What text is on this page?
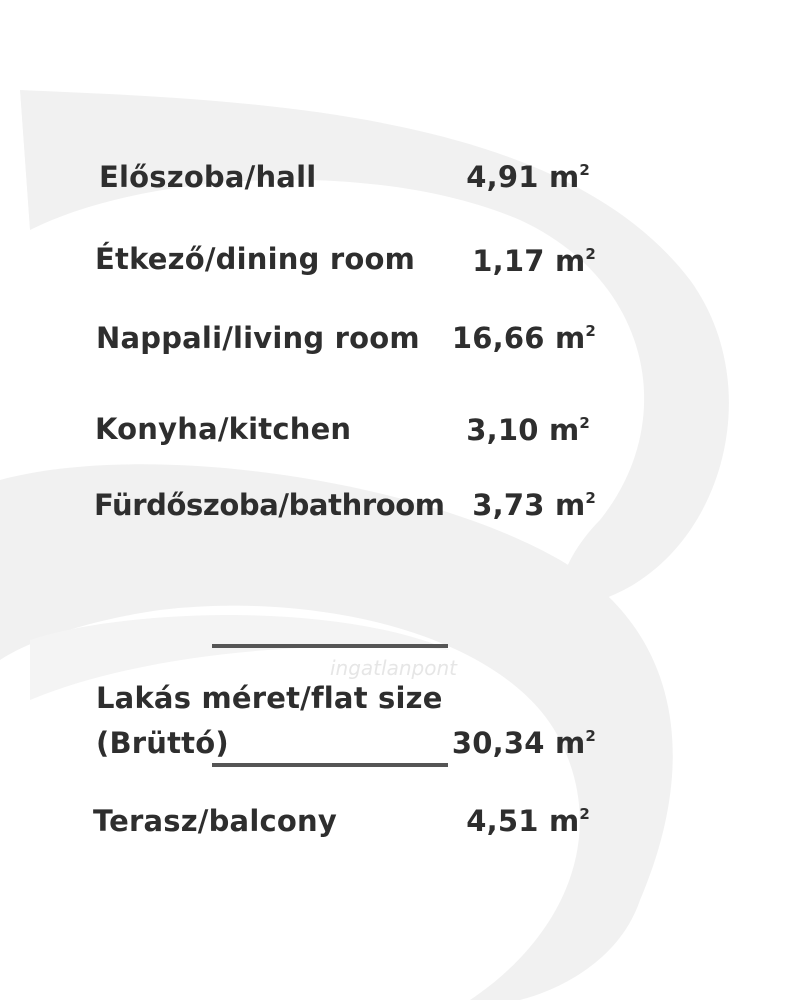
ingatlanpont
Előszoba/hall	4,91 $m^2$
Étkező/dining room	1,17 $m^2$
Nappali/living room	16,66 $m^2$
Konyha/kitchen	3,10 $m^2$
Fürdőszoba/bathroom 3,73 $m^2$
Lakás méret/flat size
(Brüttó)	30,34 $m^2$
Terasz/balcony	4,51 $m^2$
